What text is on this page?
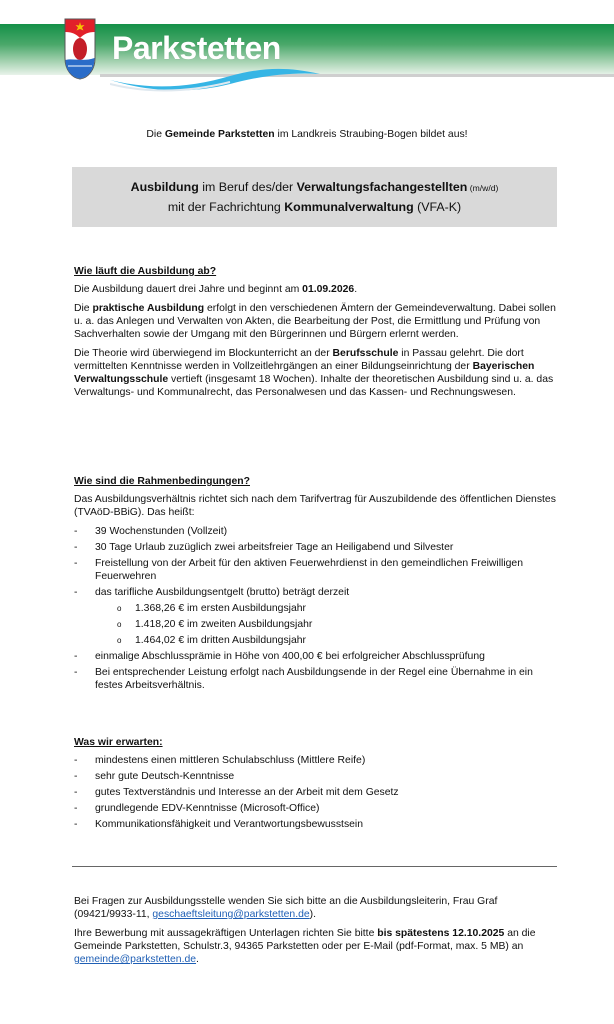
Parkstetten
Die Gemeinde Parkstetten im Landkreis Straubing-Bogen bildet aus!
Ausbildung im Beruf des/der Verwaltungsfachangestellten (m/w/d)
mit der Fachrichtung Kommunalverwaltung (VFA-K)
Wie läuft die Ausbildung ab?
Die Ausbildung dauert drei Jahre und beginnt am 01.09.2026.
Die praktische Ausbildung erfolgt in den verschiedenen Ämtern der Gemeindeverwaltung. Dabei sollen u. a. das Anlegen und Verwalten von Akten, die Bearbeitung der Post, die Ermittlung und Prüfung von Sachverhalten sowie der Umgang mit den Bürgerinnen und Bürgern erlernt werden.
Die Theorie wird überwiegend im Blockunterricht an der Berufsschule in Passau gelehrt. Die dort vermittelten Kenntnisse werden in Vollzeitlehrgängen an einer Bildungseinrichtung der Bayerischen Verwaltungsschule vertieft (insgesamt 18 Wochen). Inhalte der theoretischen Ausbildung sind u. a. das Verwaltungs- und Kommunalrecht, das Personalwesen und das Kassen- und Rechnungswesen.
Wie sind die Rahmenbedingungen?
Das Ausbildungsverhältnis richtet sich nach dem Tarifvertrag für Auszubildende des öffentlichen Dienstes (TVAöD-BBiG). Das heißt:
- 39 Wochenstunden (Vollzeit)
- 30 Tage Urlaub zuzüglich zwei arbeitsfreier Tage an Heiligabend und Silvester
- Freistellung von der Arbeit für den aktiven Feuerwehrdienst in den gemeindlichen Freiwilligen Feuerwehren
- das tarifliche Ausbildungsentgelt (brutto) beträgt derzeit
o 1.368,26 € im ersten Ausbildungsjahr
o 1.418,20 € im zweiten Ausbildungsjahr
o 1.464,02 € im dritten Ausbildungsjahr
- einmalige Abschlussprämie in Höhe von 400,00 € bei erfolgreicher Abschlussprüfung
- Bei entsprechender Leistung erfolgt nach Ausbildungsende in der Regel eine Übernahme in ein festes Arbeitsverhältnis.
Was wir erwarten:
- mindestens einen mittleren Schulabschluss (Mittlere Reife)
- sehr gute Deutsch-Kenntnisse
- gutes Textverständnis und Interesse an der Arbeit mit dem Gesetz
- grundlegende EDV-Kenntnisse (Microsoft-Office)
- Kommunikationsfähigkeit und Verantwortungsbewusstsein
Bei Fragen zur Ausbildungsstelle wenden Sie sich bitte an die Ausbildungsleiterin, Frau Graf (09421/9933-11, geschaeftsleitung@parkstetten.de).
Ihre Bewerbung mit aussagekräftigen Unterlagen richten Sie bitte bis spätestens 12.10.2025 an die Gemeinde Parkstetten, Schulstr.3, 94365 Parkstetten oder per E-Mail (pdf-Format, max. 5 MB) an gemeinde@parkstetten.de.
